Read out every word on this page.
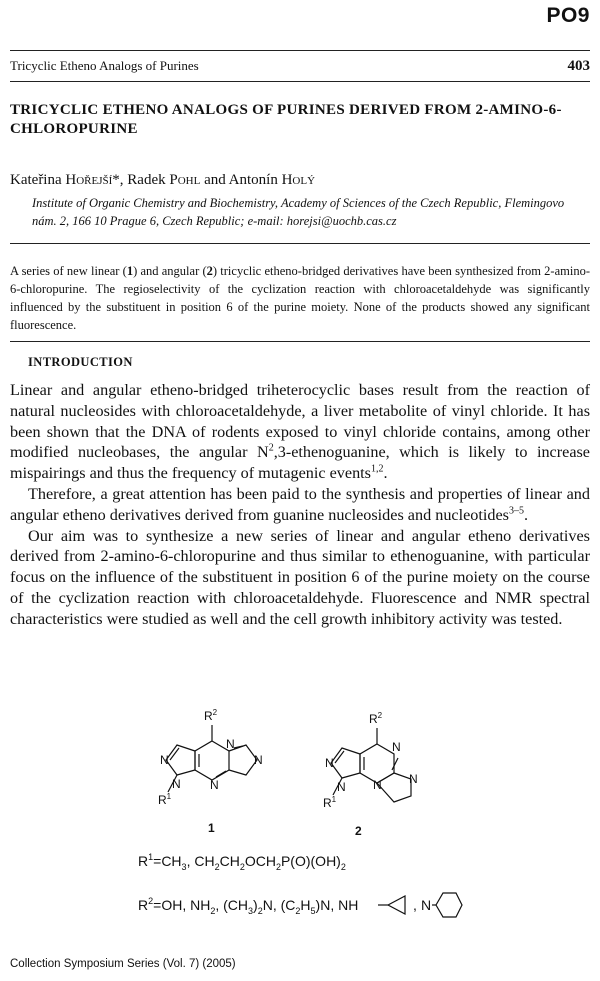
PO9
Tricyclic Etheno Analogs of Purines	403
TRICYCLIC ETHENO ANALOGS OF PURINES DERIVED FROM 2-AMINO-6-CHLOROPURINE
Kateřina Hořejší*, Radek Pohl and Antonín Holý
Institute of Organic Chemistry and Biochemistry, Academy of Sciences of the Czech Republic, Flemingovo nám. 2, 166 10 Prague 6, Czech Republic; e-mail: horejsi@uochb.cas.cz

A series of new linear (1) and angular (2) tricyclic etheno-bridged derivatives have been synthesized from 2-amino-6-chloropurine. The regioselectivity of the cyclization reaction with chloroacetaldehyde was significantly influenced by the substituent in position 6 of the purine moiety. None of the products showed any significant fluorescence.

INTRODUCTION

Linear and angular etheno-bridged triheterocyclic bases result from the reaction of natural nucleosides with chloroacetaldehyde, a liver metabolite of vinyl chloride. It has been shown that the DNA of rodents exposed to vinyl chloride contains, among other modified nucleobases, the angular $N^2,3$-ethenoguanine, which is likely to increase mispairings and thus the frequency of mutagenic events$^{1,2}$.

Therefore, a great attention has been paid to the synthesis and properties of linear and angular etheno derivatives derived from guanine nucleosides and nucleotides$^{3-5}$.

Our aim was to synthesize a new series of linear and angular etheno derivatives derived from 2-amino-6-chloropurine and thus similar to ethenoguanine, with particular focus on the influence of the substituent in position 6 of the purine moiety on the course of the cyclization reaction with chloroacetaldehyde. Fluorescence and NMR spectral characteristics were studied as well and the cell growth inhibitory activity was tested.

$R^2$
N
N N
N
N
$R^1$
1
$R^2$
N
N
N
N
N
$R^1$
2
$R^1=CH_3$, $CH_2CH_2OCH_2P(O)(OH)_2$
$R^2=OH$, $NH_2$, $(CH_3)_2N$, $(C_2H_5)N$, NH	, N
Collection Symposium Series (Vol. 7) (2005)
